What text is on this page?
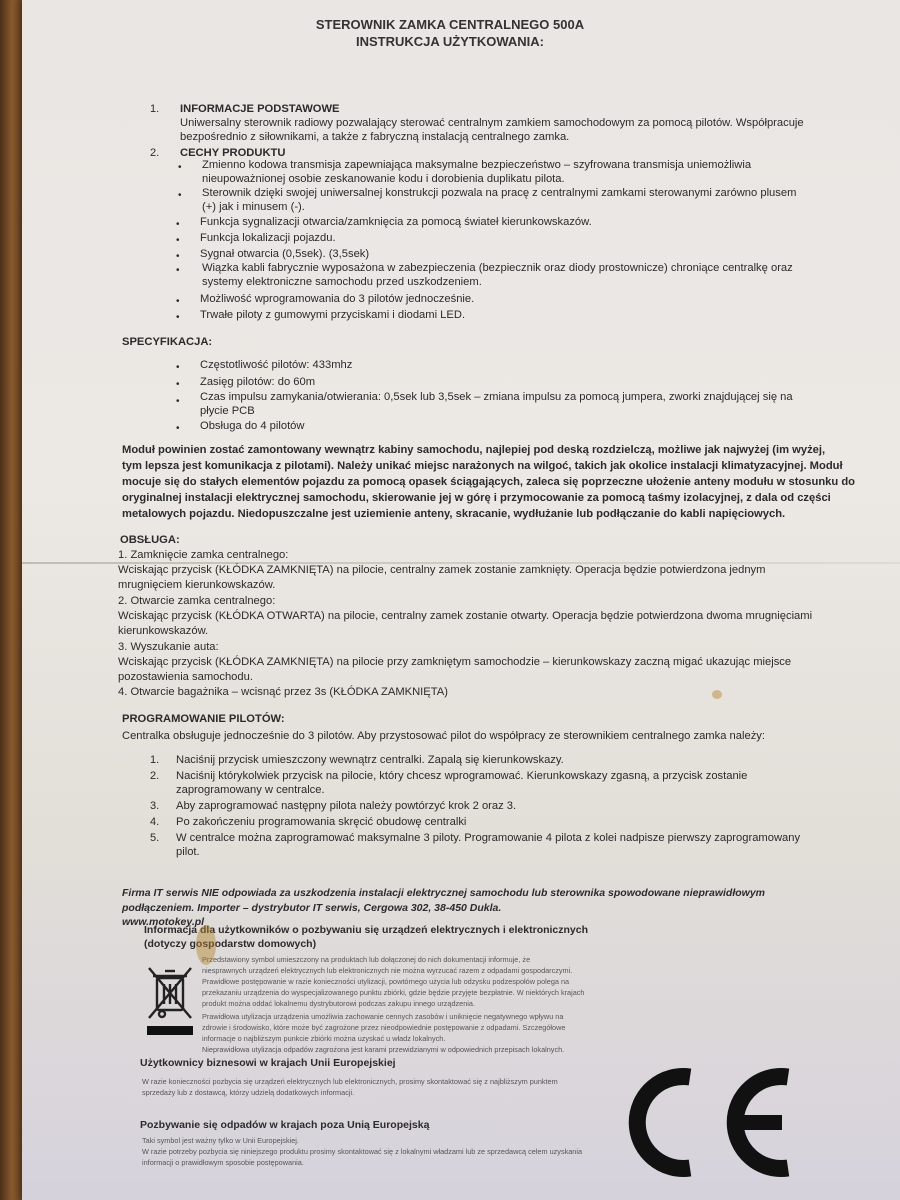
STEROWNIK ZAMKA CENTRALNEGO 500A
INSTRUKCJA UŻYTKOWANIA:
1. INFORMACJE PODSTAWOWE
Uniwersalny sterownik radiowy pozwalający sterować centralnym zamkiem samochodowym za pomocą pilotów. Współpracuje
bezpośrednio z siłownikami, a także z fabryczną instalacją centralnego zamka.
2. CECHY PRODUKTU
• Zmienno kodowa transmisja zapewniająca maksymalne bezpieczeństwo – szyfrowana transmisja uniemożliwia
nieupoważnionej osobie zeskanowanie kodu i dorobienia duplikatu pilota.
• Sterownik dzięki swojej uniwersalnej konstrukcji pozwala na pracę z centralnymi zamkami sterowanymi zarówno plusem
(+) jak i minusem (-).
• Funkcja sygnalizacji otwarcia/zamknięcia za pomocą świateł kierunkowskazów.
• Funkcja lokalizacji pojazdu.
• Sygnał otwarcia (0,5sek). (3,5sek)
• Wiązka kabli fabrycznie wyposażona w zabezpieczenia (bezpiecznik oraz diody prostownicze) chroniące centralkę oraz
systemy elektroniczne samochodu przed uszkodzeniem.
• Możliwość wprogramowania do 3 pilotów jednocześnie.
• Trwałe piloty z gumowymi przyciskami i diodami LED.
SPECYFIKACJA:
• Częstotliwość pilotów: 433mhz
• Zasięg pilotów: do 60m
• Czas impulsu zamykania/otwierania: 0,5sek lub 3,5sek – zmiana impulsu za pomocą jumpera, zworki znajdującej się na
płycie PCB
• Obsługa do 4 pilotów
Moduł powinien zostać zamontowany wewnątrz kabiny samochodu, najlepiej pod deską rozdzielczą, możliwe jak najwyżej (im wyżej,
tym lepsza jest komunikacja z pilotami). Należy unikać miejsc narażonych na wilgoć, takich jak okolice instalacji klimatyzacyjnej. Moduł
mocuje się do stałych elementów pojazdu za pomocą opasek ściągających, zaleca się poprzeczne ułożenie anteny modułu w stosunku do
oryginalnej instalacji elektrycznej samochodu, skierowanie jej w górę i przymocowanie za pomocą taśmy izolacyjnej, z dala od części
metalowych pojazdu. Niedopuszczalne jest uziemienie anteny, skracanie, wydłużanie lub podłączanie do kabli napięciowych.
OBSŁUGA:
1. Zamknięcie zamka centralnego:
Wciskając przycisk (KŁÓDKA ZAMKNIĘTA) na pilocie, centralny zamek zostanie zamknięty. Operacja będzie potwierdzona jednym
mrugnięciem kierunkowskazów.
2. Otwarcie zamka centralnego:
Wciskając przycisk (KŁÓDKA OTWARTA) na pilocie, centralny zamek zostanie otwarty. Operacja będzie potwierdzona dwoma mrugnięciami
kierunkowskazów.
3. Wyszukanie auta:
Wciskając przycisk (KŁÓDKA ZAMKNIĘTA) na pilocie przy zamkniętym samochodzie – kierunkowskazy zaczną migać ukazując miejsce
pozostawienia samochodu.
4. Otwarcie bagażnika – wcisnąć przez 3s (KŁÓDKA ZAMKNIĘTA)
PROGRAMOWANIE PILOTÓW:
Centralka obsługuje jednocześnie do 3 pilotów. Aby przystosować pilot do współpracy ze sterownikiem centralnego zamka należy:
1. Naciśnij przycisk umieszczony wewnątrz centralki. Zapalą się kierunkowskazy.
2. Naciśnij którykolwiek przycisk na pilocie, który chcesz wprogramować. Kierunkowskazy zgasną, a przycisk zostanie
zaprogramowany w centralce.
3. Aby zaprogramować następny pilota należy powtórzyć krok 2 oraz 3.
4. Po zakończeniu programowania skręcić obudowę centralki
5. W centralce można zaprogramować maksymalne 3 piloty. Programowanie 4 pilota z kolei nadpisze pierwszy zaprogramowany
pilot.
Firma IT serwis NIE odpowiada za uszkodzenia instalacji elektrycznej samochodu lub sterownika spowodowane nieprawidłowym
podłączeniem. Importer – dystrybutor IT serwis, Cergowa 302, 38-450 Dukla.
www.motokey.pl
Informacja dla użytkowników o pozbywaniu się urządzeń elektrycznych i elektronicznych
(dotyczy gospodarstw domowych)
Przedstawiony symbol umieszczony na produktach lub dołączonej do nich dokumentacji informuje, że
niesprawnych urządzeń elektrycznych lub elektronicznych nie można wyrzucać razem z odpadami gospodarczymi.
Prawidłowe postępowanie w razie konieczności utylizacji, powtórnego użycia lub odzysku podzespołów polega na
przekazaniu urządzenia do wyspecjalizowanego punktu zbiórki, gdzie będzie przyjęte bezpłatnie. W niektórych krajach
produkt można oddać lokalnemu dystrybutorowi podczas zakupu innego urządzenia.
Prawidłowa utylizacja urządzenia umożliwia zachowanie cennych zasobów i uniknięcie negatywnego wpływu na
zdrowie i środowisko, które może być zagrożone przez nieodpowiednie postępowanie z odpadami. Szczegółowe
informacje o najbliższym punkcie zbiórki można uzyskać u władz lokalnych.
Nieprawidłowa utylizacja odpadów zagrożona jest karami przewidzianymi w odpowiednich przepisach lokalnych.
Użytkownicy biznesowi w krajach Unii Europejskiej
W razie konieczności pozbycia się urządzeń elektrycznych lub elektronicznych, prosimy skontaktować się z najbliższym punktem
sprzedaży lub z dostawcą, którzy udzielą dodatkowych informacji.
Pozbywanie się odpadów w krajach poza Unią Europejską
Taki symbol jest ważny tylko w Unii Europejskiej.
W razie potrzeby pozbycia się niniejszego produktu prosimy skontaktować się z lokalnymi władzami lub ze sprzedawcą celem uzyskania
informacji o prawidłowym sposobie postępowania.
